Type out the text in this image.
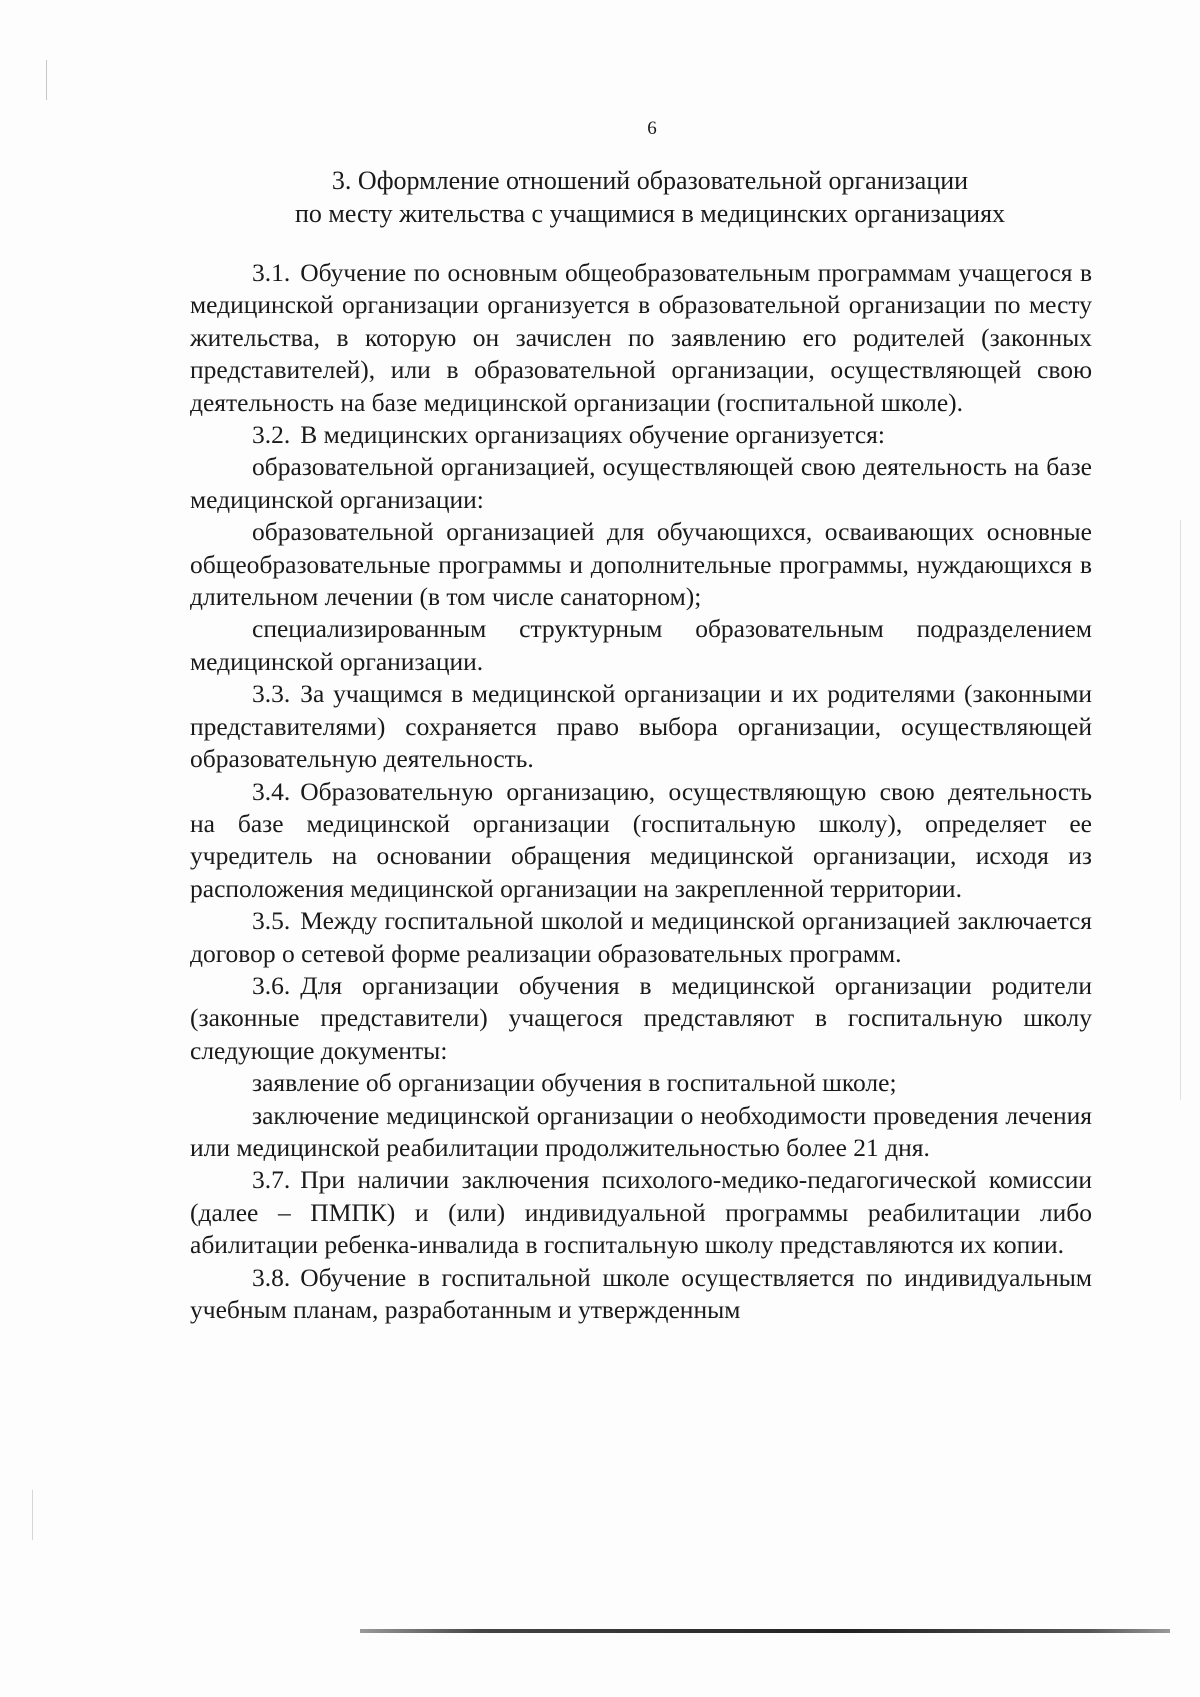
6
3. Оформление отношений образовательной организации
по месту жительства с учащимися в медицинских организациях

3.1. Обучение по основным общеобразовательным программам учащегося в медицинской организации организуется в образовательной организации по месту жительства, в которую он зачислен по заявлению его родителей (законных представителей), или в образовательной организации, осуществляющей свою деятельность на базе медицинской организации (госпитальной школе).

3.2. В медицинских организациях обучение организуется:

образовательной организацией, осуществляющей свою деятельность на базе медицинской организации:

образовательной организацией для обучающихся, осваивающих основные общеобразовательные программы и дополнительные программы, нуждающихся в длительном лечении (в том числе санаторном);

специализированным структурным образовательным подразделением медицинской организации.

3.3. За учащимся в медицинской организации и их родителями (законными представителями) сохраняется право выбора организации, осуществляющей образовательную деятельность.

3.4. Образовательную организацию, осуществляющую свою деятельность на базе медицинской организации (госпитальную школу), определяет ее учредитель на основании обращения медицинской организации, исходя из расположения медицинской организации на закрепленной территории.

3.5. Между госпитальной школой и медицинской организацией заключается договор о сетевой форме реализации образовательных программ.

3.6. Для организации обучения в медицинской организации родители (законные представители) учащегося представляют в госпитальную школу следующие документы:

заявление об организации обучения в госпитальной школе;

заключение медицинской организации о необходимости проведения лечения или медицинской реабилитации продолжительностью более 21 дня.

3.7. При наличии заключения психолого-медико-педагогической комиссии (далее – ПМПК) и (или) индивидуальной программы реабилитации либо абилитации ребенка-инвалида в госпитальную школу представляются их копии.

3.8. Обучение в госпитальной школе осуществляется по индивидуальным учебным планам, разработанным и утвержденным
